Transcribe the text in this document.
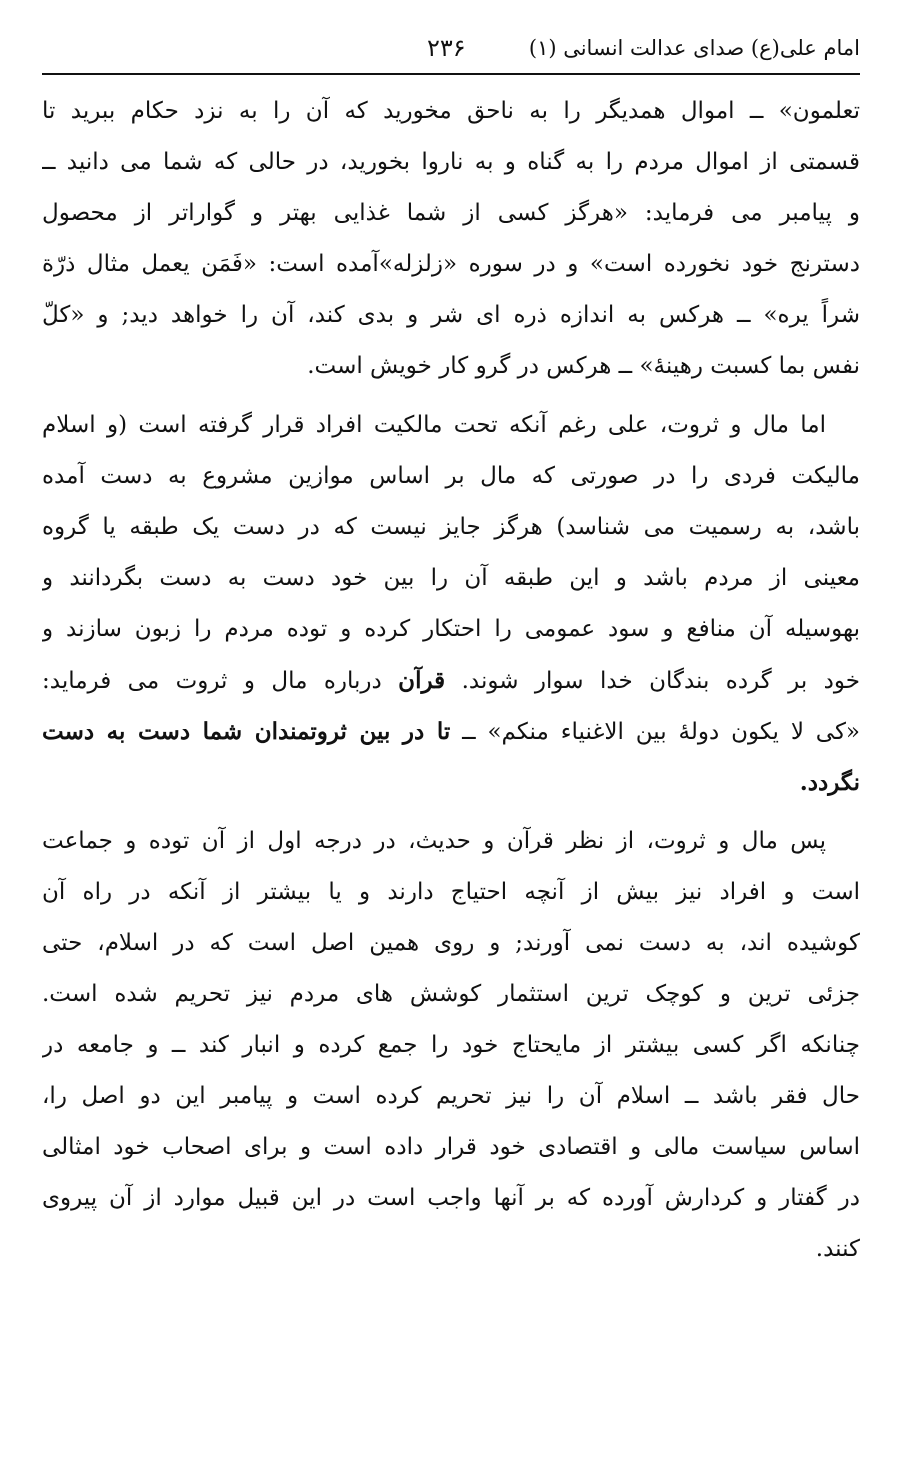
امام علی(ع) صدای عدالت انسانی (۱)
۲۳۶
تعلمون» ــ اموال همدیگر را به ناحق مخورید که آن را به نزد حکام ببرید تا
قسمتی از اموال مردم را به گناه و به ناروا بخورید، در حالی که شما می دانید ــ
و پیامبر می فرماید: «هرگز کسی از شما غذایی بهتر و گواراتر از محصول
دسترنج خود نخورده است» و در سوره «زلزله»آمده است: «فَمَن یعمل مثال ذرّة
شراً یره» ــ هرکس به اندازه ذره ای شر و بدی کند، آن را خواهد دید; و «کلّ
نفس بما کسبت رهینهٔ» ــ هرکس در گرو کار خویش است.
اما مال و ثروت، علی رغم آنکه تحت مالکیت افراد قرار گرفته است (و اسلام
مالیکت فردی را در صورتی که مال بر اساس موازین مشروع به دست آمده
باشد، به رسمیت می شناسد) هرگز جایز نیست که در دست یک طبقه یا گروه
معینی از مردم باشد و این طبقه آن را بین خود دست به دست بگردانند و
بهوسیله آن منافع و سود عمومی را احتکار کرده و توده مردم را زبون سازند و
خود بر گرده بندگان خدا سوار شوند. قرآن درباره مال و ثروت می فرماید:
«کی لا یکون دولهٔ بین الاغنیاء منکم» ــ تا در بین ثروتمندان شما دست به دست
نگردد.
پس مال و ثروت، از نظر قرآن و حدیث، در درجه اول از آن توده و جماعت
است و افراد نیز بیش از آنچه احتیاج دارند و یا بیشتر از آنکه در راه آن
کوشیده اند، به دست نمی آورند; و روی همین اصل است که در اسلام، حتی
جزئی ترین و کوچک ترین استثمار کوشش های مردم نیز تحریم شده است.
چنانکه اگر کسی بیشتر از مایحتاج خود را جمع کرده و انبار کند ــ و جامعه در
حال فقر باشد ــ اسلام آن را نیز تحریم کرده است و پیامبر این دو اصل را،
اساس سیاست مالی و اقتصادی خود قرار داده است و برای اصحاب خود امثالی
در گفتار و کردارش آورده که بر آنها واجب است در این قبیل موارد از آن پیروی
کنند.
